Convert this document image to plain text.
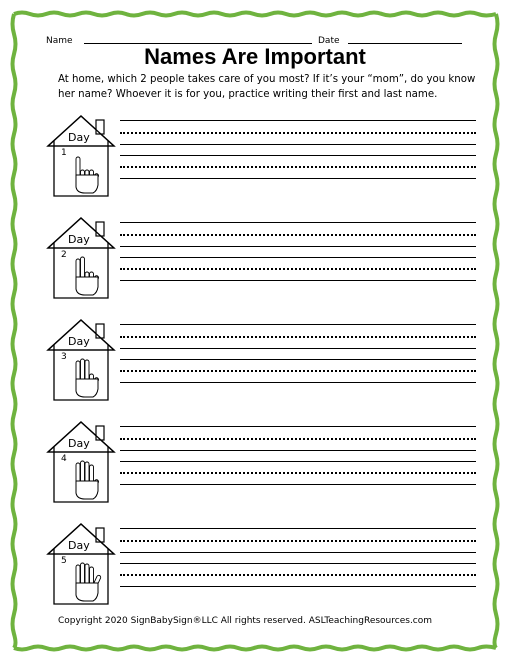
Name	Date
Names Are Important
At home, which 2 people takes care of you most? If it’s your “mom”, do you know her name? Whoever it is for you, practice writing their first and last name.
Day
1
Day
2
Day
3
Day
4
Day
5
Copyright 2020 SignBabySign®LLC All rights reserved. ASLTeachingResources.com
